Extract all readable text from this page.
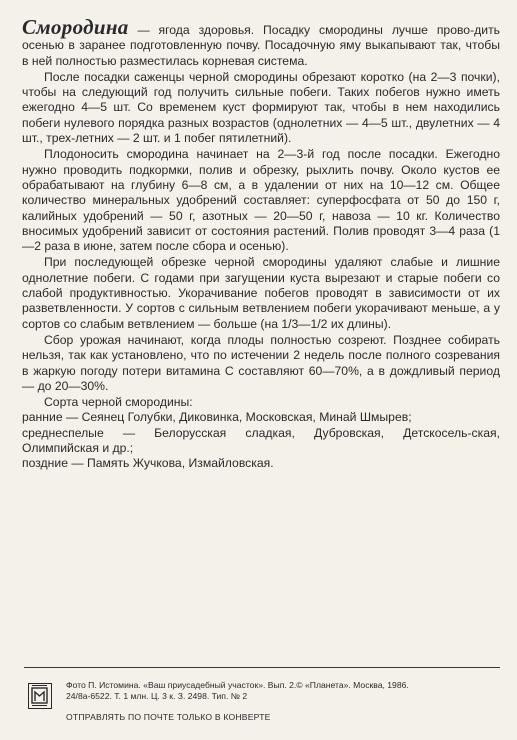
Смородина — ягода здоровья. Посадку смородины лучше прово-дить осенью в заранее подготовленную почву. Посадочную яму выкапывают так, чтобы в ней полностью разместилась корневая система.

После посадки саженцы черной смородины обрезают коротко (на 2—3 почки), чтобы на следующий год получить сильные побеги. Таких побегов нужно иметь ежегодно 4—5 шт. Со временем куст формируют так, чтобы в нем находились побеги нулевого порядка разных возрастов (однолетних — 4—5 шт., двулетних — 4 шт., трех-летних — 2 шт. и 1 побег пятилетний).

Плодоносить смородина начинает на 2—3-й год после посадки. Ежегодно нужно проводить подкормки, полив и обрезку, рыхлить почву. Около кустов ее обрабатывают на глубину 6—8 см, а в удалении от них на 10—12 см. Общее количество минеральных удобрений составляет: суперфосфата от 50 до 150 г, калийных удобрений — 50 г, азотных — 20—50 г, навоза — 10 кг. Количество вносимых удобрений зависит от состояния растений. Полив проводят 3—4 раза (1—2 раза в июне, затем после сбора и осенью).

При последующей обрезке черной смородины удаляют слабые и лишние однолетние побеги. С годами при загущении куста вырезают и старые побеги со слабой продуктивностью. Укорачивание побегов проводят в зависимости от их разветвленности. У сортов с сильным ветвлением побеги укорачивают меньше, а у сортов со слабым ветвлением — больше (на 1/3—1/2 их длины).

Сбор урожая начинают, когда плоды полностью созреют. Позднее собирать нельзя, так как установлено, что по истечении 2 недель после полного созревания в жаркую погоду потери витамина С составляют 60—70%, а в дождливый период — до 20—30%.

Сорта черной смородины:

ранние — Сеянец Голубки, Диковинка, Московская, Минай Шмырев;
среднеспелые — Белорусская сладкая, Дубровская, Детскосель-ская, Олимпийская и др.;
поздние — Память Жучкова, Измайловская.
Фото П. Истомина. «Ваш приусадебный участок». Вып. 2.© «Планета». Москва, 1986.
24/8а-6522. Т. 1 млн. Ц. 3 к. З. 2498. Тип. № 2
ОТПРАВЛЯТЬ ПО ПОЧТЕ ТОЛЬКО В КОНВЕРТЕ
